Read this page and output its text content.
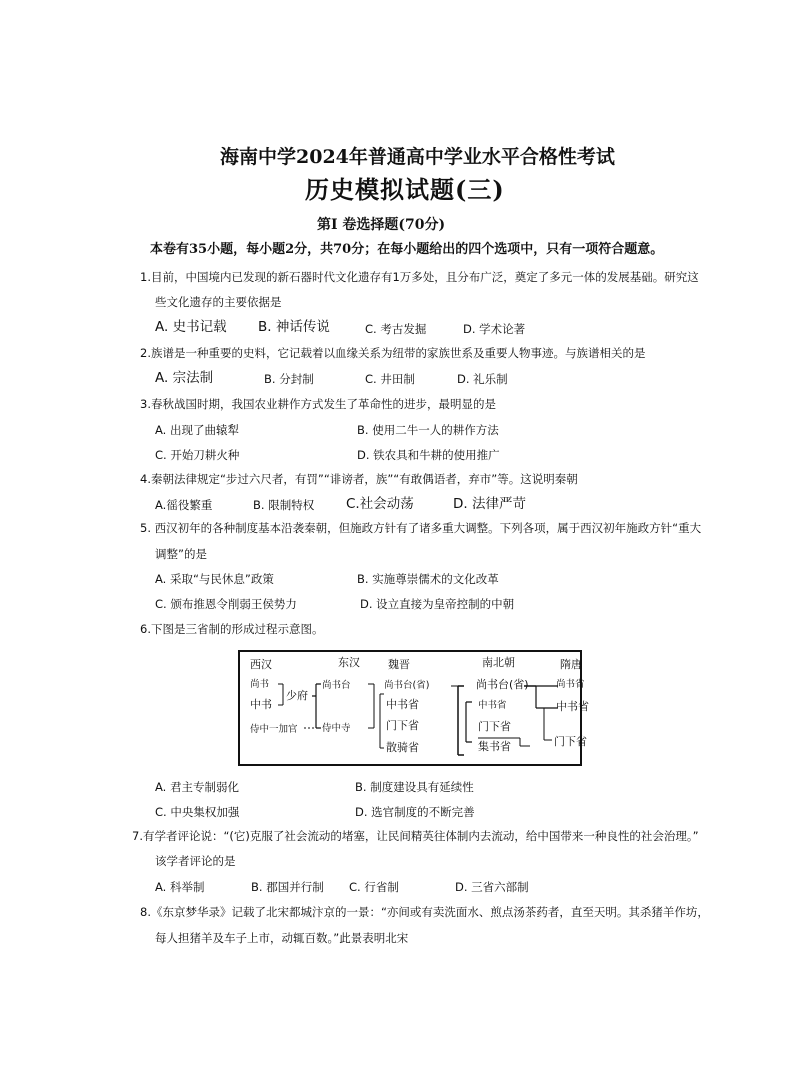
海南中学2024年普通高中学业水平合格性考试
历史模拟试题(三)
第Ⅰ 卷选择题(70分)
本卷有35小题，每小题2分，共70分；在每小题给出的四个选项中，只有一项符合题意。
1.目前，中国境内已发现的新石器时代文化遗存有1万多处，且分布广泛，奠定了多元一体的发展基础。研究这
些文化遗存的主要依据是
A. 史书记载 B. 神话传说	C. 考古发掘	D. 学术论著
2.族谱是一种重要的史料，它记载着以血缘关系为纽带的家族世系及重要人物事迹。与族谱相关的是
A. 宗法制	B. 分封制	C. 井田制	D. 礼乐制
3.春秋战国时期，我国农业耕作方式发生了革命性的进步，最明显的是
A. 出现了曲辕犁	B. 使用二牛一人的耕作方法
C. 开始刀耕火种	D. 铁农具和牛耕的使用推广
4.秦朝法律规定“步过六尺者，有罚”“诽谤者，族”“有敢偶语者，弃市”等。这说明秦朝
A.徭役繁重	B. 限制特权 C.社会动荡	D. 法律严苛
5. 西汉初年的各种制度基本沿袭秦朝，但施政方针有了诸多重大调整。下列各项，属于西汉初年施政方针“重大
调整”的是
A. 采取“与民休息”政策	B. 实施尊崇儒术的文化改革
C. 颁布推恩令削弱王侯势力	D. 设立直接为皇帝控制的中朝
6.下图是三省制的形成过程示意图。
西汉
尚书
中书
侍中一加官
少府
东汉
尚书台
侍中寺
魏晋
尚书台(省)
中书省
门下省
散骑省
南北朝
尚书台(省)
中书省
门下省
集书省
隋唐
尚书省
中书省
门下省
A. 君主专制弱化	B. 制度建设具有延续性
C. 中央集权加强	D. 选官制度的不断完善
7.有学者评论说：“(它)克服了社会流动的堵塞，让民间精英往体制内去流动，给中国带来一种良性的社会治理。”
该学者评论的是
A. 科举制	B. 郡国并行制 C. 行省制	D. 三省六部制
8.《东京梦华录》记载了北宋都城汴京的一景：“亦间或有卖洗面水、煎点汤茶药者，直至天明。其杀猪羊作坊，
每人担猪羊及车子上市，动辄百数。”此景表明北宋
